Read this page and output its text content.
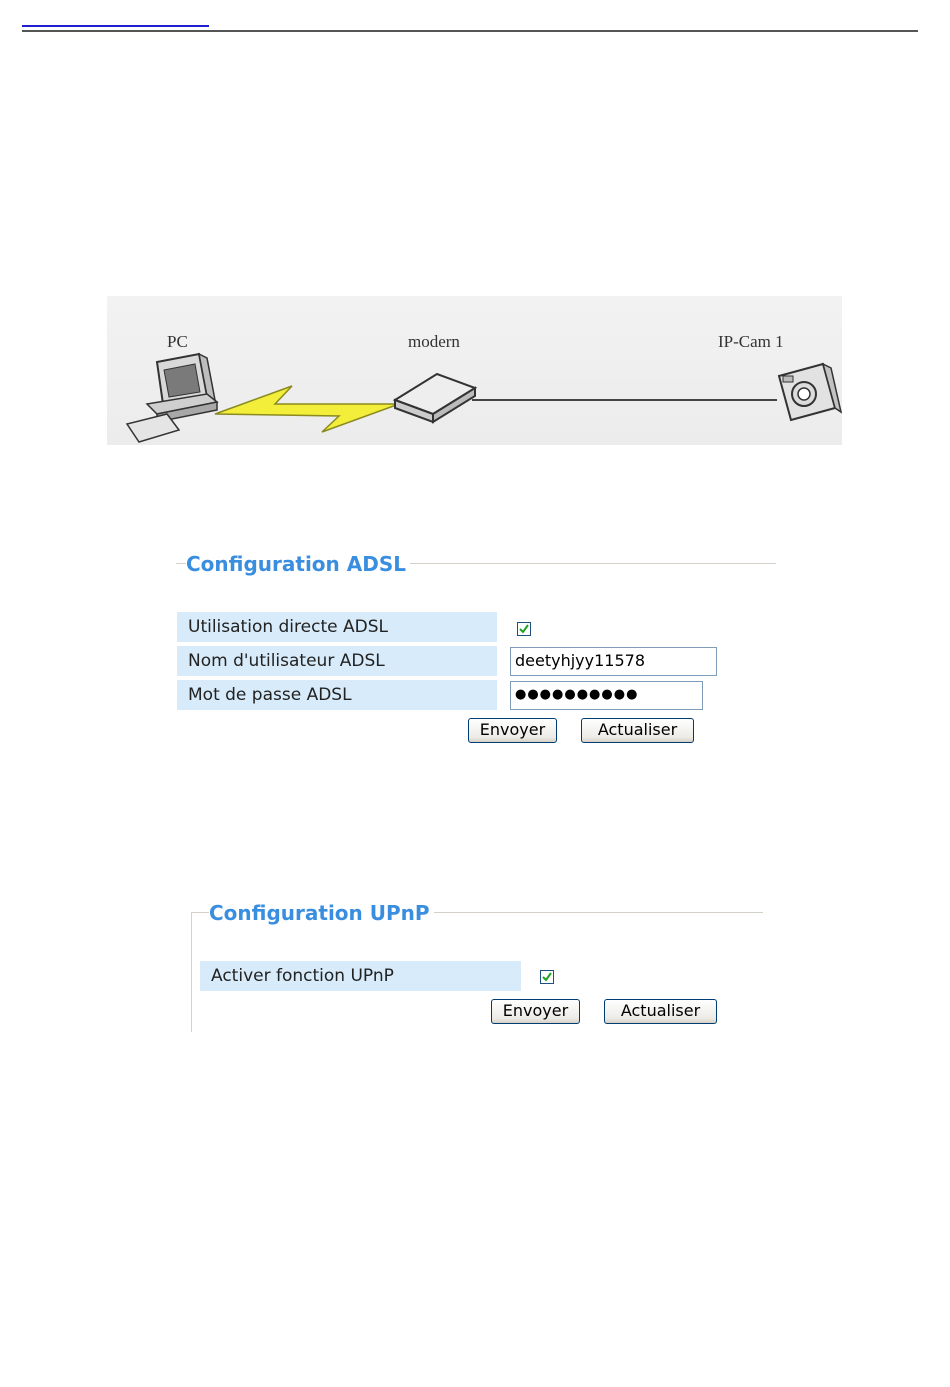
PC	modern	IP-Cam 1
Configuration ADSL
Utilisation directe ADSL
Nom d'utilisateur ADSL	deetyhjyy11578
Mot de passe ADSL	●●●●●●●●●●
Envoyer	Actualiser
Configuration UPnP
Activer fonction UPnP
Envoyer	Actualiser
